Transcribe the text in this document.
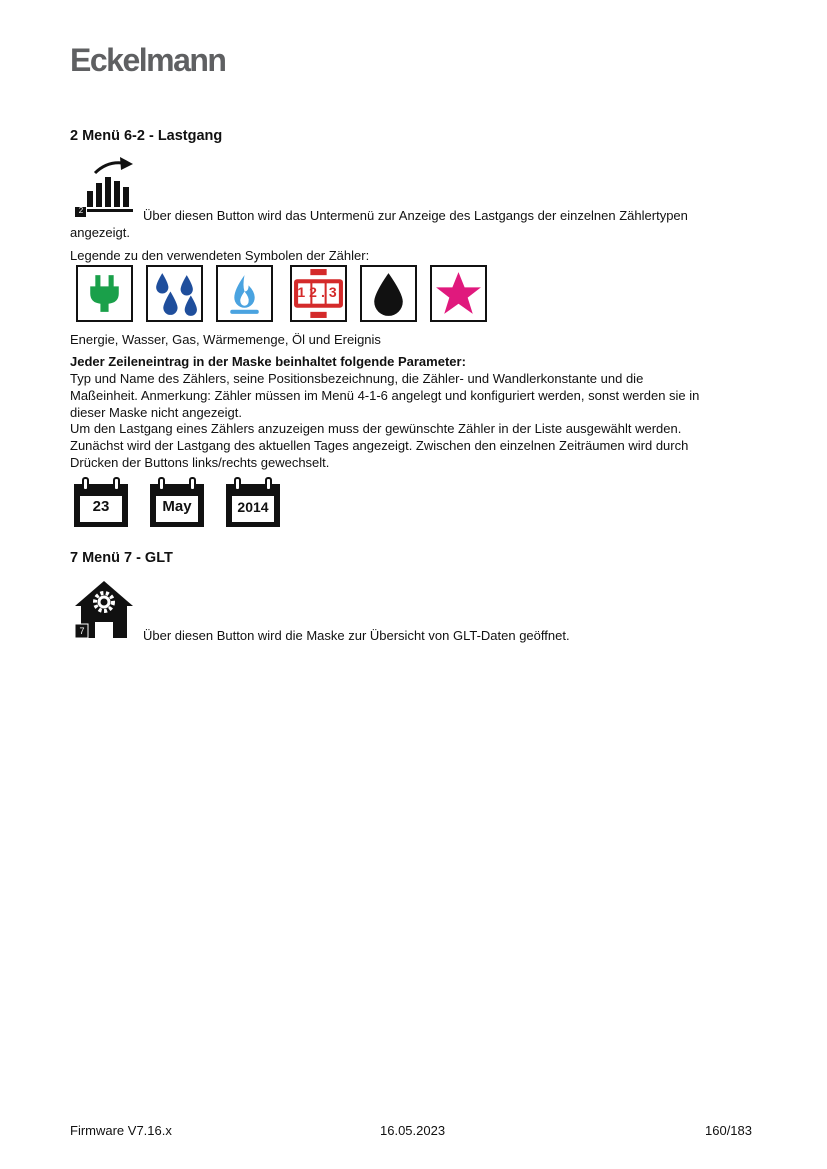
Eckelmann
2 Menü 6-2 - Lastgang
2	Über diesen Button wird das Untermenü zur Anzeige des Lastgangs der einzelnen Zählertypen
angezeigt.
Legende zu den verwendeten Symbolen der Zähler:
12.3
Energie, Wasser, Gas, Wärmemenge, Öl und Ereignis
Jeder Zeileneintrag in der Maske beinhaltet folgende Parameter:
Typ und Name des Zählers, seine Positionsbezeichnung, die Zähler- und Wandlerkonstante und die
Maßeinheit. Anmerkung: Zähler müssen im Menü 4-1-6 angelegt und konfiguriert werden, sonst werden sie in
dieser Maske nicht angezeigt.
Um den Lastgang eines Zählers anzuzeigen muss der gewünschte Zähler in der Liste ausgewählt werden.
Zunächst wird der Lastgang des aktuellen Tages angezeigt. Zwischen den einzelnen Zeiträumen wird durch
Drücken der Buttons links/rechts gewechselt.
23	May	2014
7 Menü 7 - GLT
7	Über diesen Button wird die Maske zur Übersicht von GLT-Daten geöffnet.
Firmware V7.16.x	16.05.2023	160/183
